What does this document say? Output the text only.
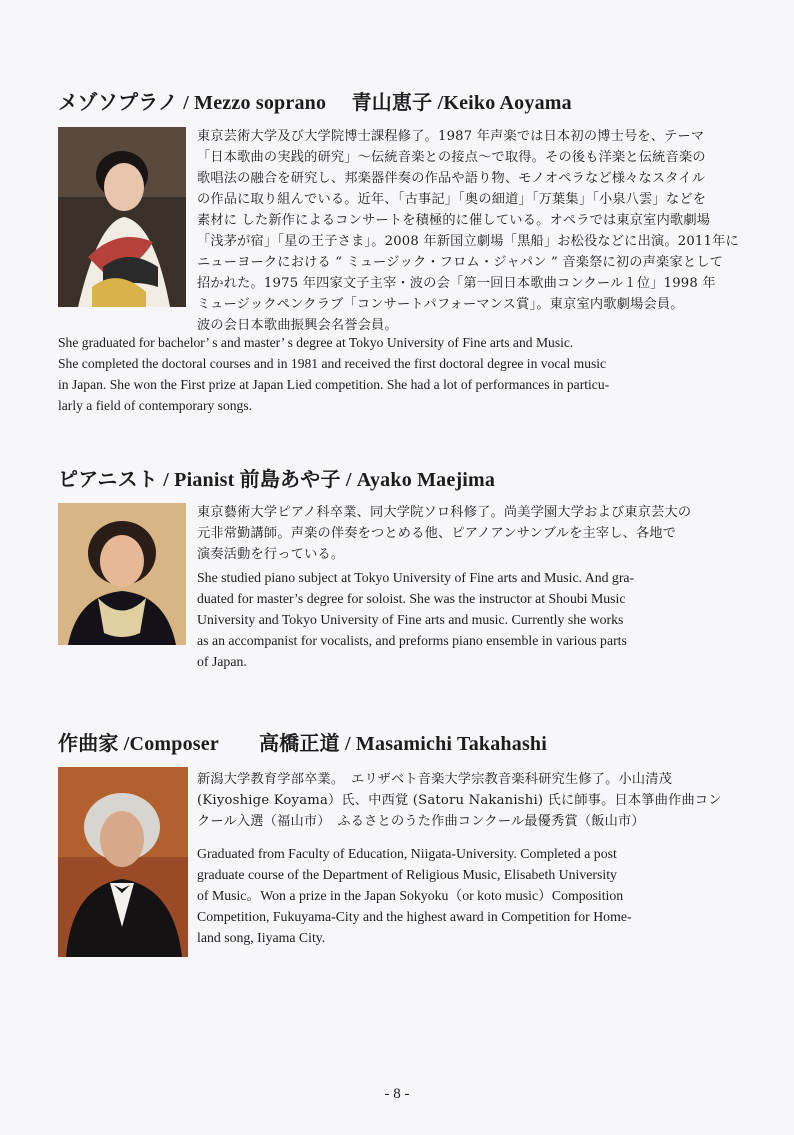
メゾソプラノ / Mezzo soprano　 青山恵子 /Keiko Aoyama
東京芸術大学及び大学院博士課程修了。1987 年声楽では日本初の博士号を、テーマ
「日本歌曲の実践的研究」〜伝統音楽との接点〜で取得。その後も洋楽と伝統音楽の
歌唱法の融合を研究し、邦楽器伴奏の作品や語り物、モノオペラなど様々なスタイル
の作品に取り組んでいる。近年、「古事記」「奥の細道」「万葉集」「小泉八雲」などを
素材に した新作によるコンサートを積極的に催している。オペラでは東京室内歌劇場
「浅茅が宿」「星の王子さま」。2008 年新国立劇場「黒船」お松役などに出演。2011年に
ニューヨークにおける “ ミュージック・フロム・ジャパン ” 音楽祭に初の声楽家として
招かれた。1975 年四家文子主宰・波の会「第一回日本歌曲コンクール１位」1998 年
ミュージックペンクラブ「コンサートパフォーマンス賞」。東京室内歌劇場会員。
波の会日本歌曲振興会名誉会員。
She graduated for bachelor’ s and master’ s degree at Tokyo University of Fine arts and Music.
She completed the doctoral courses and in 1981 and received the first doctoral degree in vocal music
in Japan. She won the First prize at Japan Lied competition. She had a lot of performances in particu-
larly a field of contemporary songs.
ピアニスト / Pianist 前島あや子 / Ayako Maejima
東京藝術大学ピアノ科卒業、同大学院ソロ科修了。尚美学園大学および東京芸大の
元非常勤講師。声楽の伴奏をつとめる他、ピアノアンサンブルを主宰し、各地で
演奏活動を行っている。
She studied piano subject at Tokyo University of Fine arts and Music. And gra-
duated for master’s degree for soloist. She was the instructor at Shoubi Music
University and Tokyo University of Fine arts and music. Currently she works
as an accompanist for vocalists, and preforms piano ensemble in various parts
of Japan.
作曲家 /Composer　　高橋正道 / Masamichi Takahashi
新潟大学教育学部卒業。　エリザベト音楽大学宗教音楽科研究生修了。小山清茂
(Kiyoshige Koyama）氏、中西覚 (Satoru Nakanishi) 氏に師事。日本箏曲作曲コン
クール入選（福山市）　ふるさとのうた作曲コンクール最優秀賞（飯山市）
Graduated from Faculty of Education, Niigata-University. Completed a post
graduate course of the Department of Religious Music, Elisabeth University
of Music。Won a prize in the Japan Sokyoku（or koto music）Composition
Competition, Fukuyama-City and the highest award in Competition for Home-
land song, Iiyama City.
- 8 -
